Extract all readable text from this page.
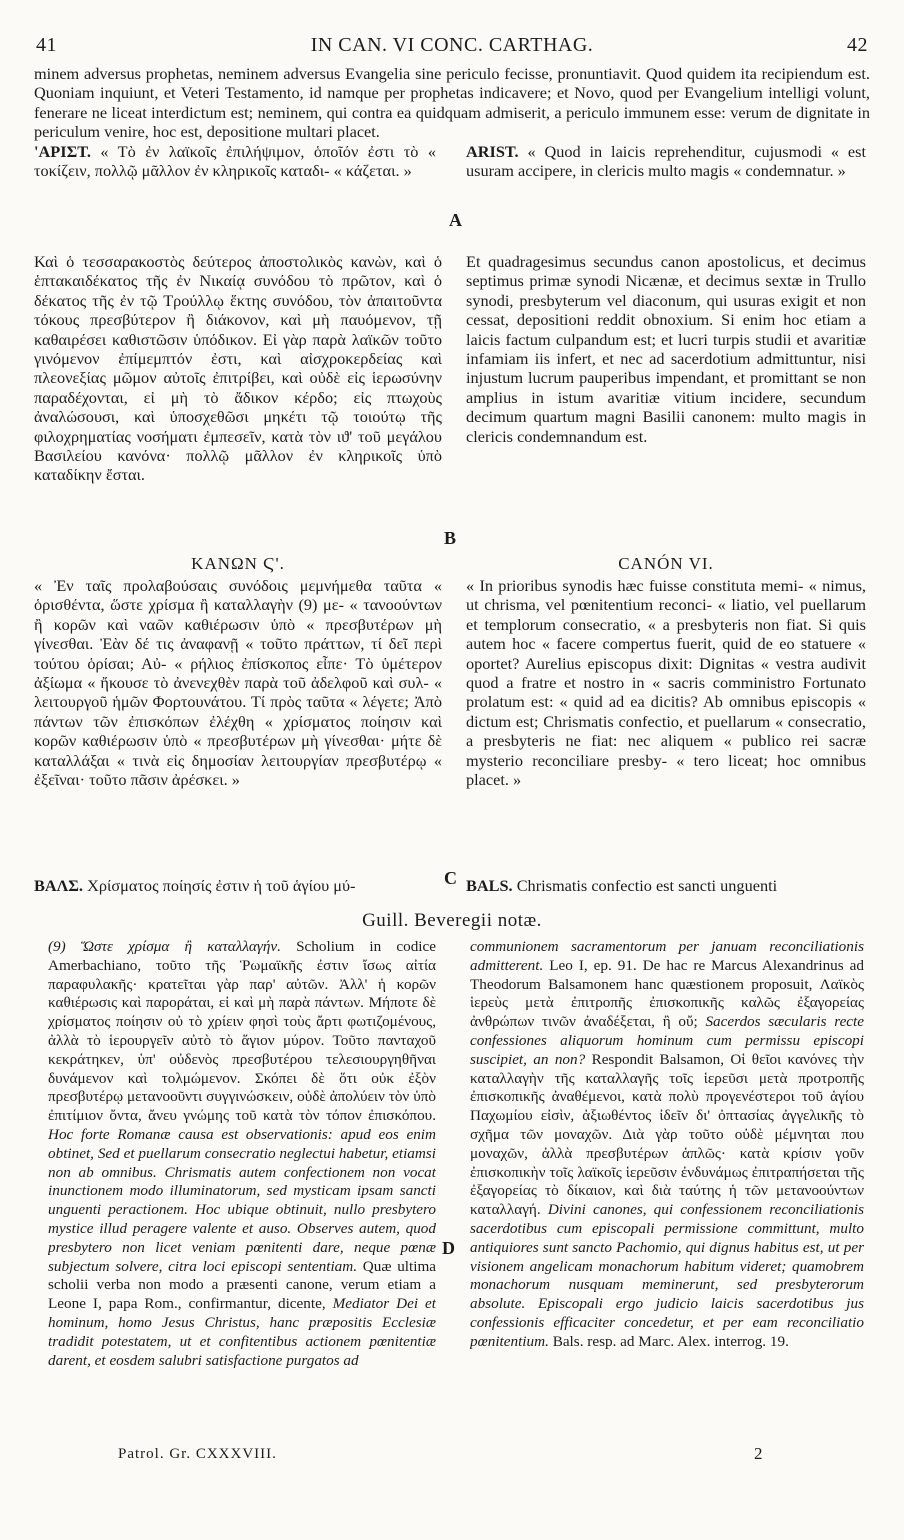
41	IN CAN. VI CONC. CARTHAG.	42
minem adversus prophetas, neminem adversus Evangelia sine periculo fecisse, pronuntiavit. Quod quidem ita recipiendum est. Quoniam inquiunt, et Veteri Testamento, id namque per prophetas indicavere; et Novo, quod per Evangelium intelligi volunt, fenerare ne liceat interdictum est; neminem, qui contra ea quidquam admiserit, a periculo immunem esse: verum de dignitate in periculum venire, hoc est, depositione multari placet.
'ΑΡΙΣΤ. « Τὸ ἐν λαϊκοῖς ἐπιλήψιμον, ὁποῖόν ἐστι τὸ « τοκίζειν, πολλῷ μᾶλλον ἐν κληρικοῖς καταδι- « κάζεται. »
Καὶ ὁ τεσσαρακοστὸς δεύτερος ἀποστολικὸς κανὼν, καὶ ὁ ἑπτακαιδέκατος τῆς ἐν Νικαίᾳ συνόδου τὸ πρῶτον, καὶ ὁ δέκατος τῆς ἐν τῷ Τρούλλῳ ἕκτης συνόδου, τὸν ἀπαιτοῦντα τόκους πρεσβύτερον ἢ διάκονον, καὶ μὴ παυόμενον, τῇ καθαιρέσει καθιστῶσιν ὑπόδικον. Εἰ γὰρ παρὰ λαϊκῶν τοῦτο γινόμενον ἐπίμεμπτόν ἐστι, καὶ αἰσχροκερδείας καὶ πλεονεξίας μῶμον αὐτοῖς ἐπιτρίβει, καὶ οὐδὲ εἰς ἱερωσύνην παραδέχονται, εἰ μὴ τὸ ἄδικον κέρδο; εἰς πτωχοὺς ἀναλώσουσι, καὶ ὑποσχεθῶσι μηκέτι τῷ τοιούτῳ τῆς φιλοχρηματίας νοσήματι ἐμπεσεῖν, κατὰ τὸν ιϑ' τοῦ μεγάλου Βασιλείου κανόνα· πολλῷ μᾶλλον ἐν κληρικοῖς ὑπὸ καταδίκην ἔσται.
ΚΑΝΩΝ Ϛ'.
« Ἐν ταῖς προλαβούσαις συνόδοις μεμνήμεθα ταῦτα « ὁρισθέντα, ὥστε χρίσμα ἢ καταλλαγὴν (9) με- « τανοούντων ἢ κορῶν καὶ ναῶν καθιέρωσιν ὑπὸ « πρεσβυτέρων μὴ γίνεσθαι. Ἐὰν δέ τις ἀναφανῇ « τοῦτο πράττων, τί δεῖ περὶ τούτου ὁρίσαι; Αὐ- « ρήλιος ἐπίσκοπος εἶπε· Τὸ ὑμέτερον ἀξίωμα « ἤκουσε τὸ ἀνενεχθὲν παρὰ τοῦ ἀδελφοῦ καὶ συλ- « λειτουργοῦ ἡμῶν Φορτουνάτου. Τί πρὸς ταῦτα « λέγετε; Ἀπὸ πάντων τῶν ἐπισκόπων ἐλέχθη « χρίσματος ποίησιν καὶ κορῶν καθιέρωσιν ὑπὸ « πρεσβυτέρων μὴ γίνεσθαι· μήτε δὲ καταλλάξαι « τινὰ εἰς δημοσίαν λειτουργίαν πρεσβυτέρῳ « ἐξεῖναι· τοῦτο πᾶσιν ἀρέσκει. »
ΒΑΛΣ. Χρίσματος ποίησίς ἐστιν ἡ τοῦ ἁγίου μύ-
A
B
C
D
ARIST. « Quod in laicis reprehenditur, cujusmodi « est usuram accipere, in clericis multo magis « condemnatur. »
Et quadragesimus secundus canon apostolicus, et decimus septimus primæ synodi Nicænæ, et decimus sextæ in Trullo synodi, presbyterum vel diaconum, qui usuras exigit et non cessat, depositioni reddit obnoxium. Si enim hoc etiam a laicis factum culpandum est; et lucri turpis studii et avaritiæ infamiam iis infert, et nec ad sacerdotium admittuntur, nisi injustum lucrum pauperibus impendant, et promittant se non amplius in istum avaritiæ vitium incidere, secundum decimum quartum magni Basilii canonem: multo magis in clericis condemnandum est.
CANÓN VI.
« In prioribus synodis hæc fuisse constituta memi- « nimus, ut chrisma, vel pœnitentium reconci- « liatio, vel puellarum et templorum consecratio, « a presbyteris non fiat. Si quis autem hoc « facere compertus fuerit, quid de eo statuere « oportet? Aurelius episcopus dixit: Dignitas « vestra audivit quod a fratre et nostro in « sacris comministro Fortunato prolatum est: « quid ad ea dicitis? Ab omnibus episcopis « dictum est; Chrismatis confectio, et puellarum « consecratio, a presbyteris ne fiat: nec aliquem « publico rei sacræ mysterio reconciliare presby- « tero liceat; hoc omnibus placet. »
BALS. Chrismatis confectio est sancti unguenti
Guill. Beveregii notæ.
(9) Ὥστε χρίσμα ἢ καταλλαγήν. Scholium in codice Amerbachiano, τοῦτο τῆς Ῥωμαϊκῆς ἐστιν ἴσως αἰτία παραφυλακῆς· κρατεῖται γὰρ παρ' αὐτῶν. Ἀλλ' ἡ κορῶν καθιέρωσις καὶ παροράται, εἰ καὶ μὴ παρὰ πάντων. Μήποτε δὲ χρίσματος ποίησιν οὐ τὸ χρίειν φησὶ τοὺς ἄρτι φωτιζομένους, ἀλλὰ τὸ ἱερουργεῖν αὐτὸ τὸ ἅγιον μύρον. Τοῦτο πανταχοῦ κεκράτηκεν, ὑπ' οὐδενὸς πρεσβυτέρου τελεσιουργηθῆναι δυνάμενον καὶ τολμώμενον. Σκόπει δὲ ὅτι οὐκ ἐξὸν πρεσβυτέρῳ μετανοοῦντι συγγινώσκειν, οὐδὲ ἀπολύειν τὸν ὑπὸ ἐπιτίμιον ὄντα, ἄνευ γνώμης τοῦ κατὰ τὸν τόπον ἐπισκόπου. Hoc forte Romanæ causa est observationis: apud eos enim obtinet, Sed et puellarum consecratio neglectui habetur, etiamsi non ab omnibus. Chrismatis autem confectionem non vocat inunctionem modo illuminatorum, sed mysticam ipsam sancti unguenti peractionem. Hoc ubique obtinuit, nullo presbytero mystice illud peragere valente et auso. Observes autem, quod presbytero non licet veniam pœnitenti dare, neque pœnæ subjectum solvere, citra loci episcopi sententiam. Quæ ultima scholii verba non modo a præsenti canone, verum etiam a Leone I, papa Rom., confirmantur, dicente, Mediator Dei et hominum, homo Jesus Christus, hanc præpositis Ecclesiæ tradidit potestatem, ut et confitentibus actionem pœnitentiæ darent, et eosdem salubri satisfactione purgatos ad
communionem sacramentorum per januam reconciliationis admitterent. Leo I, ep. 91. De hac re Marcus Alexandrinus ad Theodorum Balsamonem hanc quæstionem proposuit, Λαϊκὸς ἱερεὺς μετὰ ἐπιτροπῆς ἐπισκοπικῆς καλῶς ἐξαγορείας ἀνθρώπων τινῶν ἀναδέξεται, ἢ οὔ; Sacerdos sæcularis recte confessiones aliquorum hominum cum permissu episcopi suscipiet, an non? Respondit Balsamon, Οἱ θεῖοι κανόνες τὴν καταλλαγὴν τῆς καταλλαγῆς τοῖς ἱερεῦσι μετὰ προτροπῆς ἐπισκοπικῆς ἀναθέμενοι, κατὰ πολὺ προγενέστεροι τοῦ ἁγίου Παχωμίου εἰσὶν, ἀξιωθέντος ἰδεῖν δι' ὀπτασίας ἀγγελικῆς τὸ σχῆμα τῶν μοναχῶν. Διὰ γὰρ τοῦτο οὐδὲ μέμνηται που μοναχῶν, ἀλλὰ πρεσβυτέρων ἁπλῶς· κατὰ κρίσιν γοῦν ἐπισκοπικὴν τοῖς λαϊκοῖς ἱερεῦσιν ἐνδυνάμως ἐπιτραπήσεται τῆς ἐξαγορείας τὸ δίκαιον, καὶ διὰ ταύτης ἡ τῶν μετανοούντων καταλλαγή. Divini canones, qui confessionem reconciliationis sacerdotibus cum episcopali permissione committunt, multo antiquiores sunt sancto Pachomio, qui dignus habitus est, ut per visionem angelicam monachorum habitum videret; quamobrem monachorum nusquam meminerunt, sed presbyterorum absolute. Episcopali ergo judicio laicis sacerdotibus jus confessionis efficaciter concedetur, et per eam reconciliatio pœnitentium. Bals. resp. ad Marc. Alex. interrog. 19.
Patrol. Gr. CXXXVIII.	2
